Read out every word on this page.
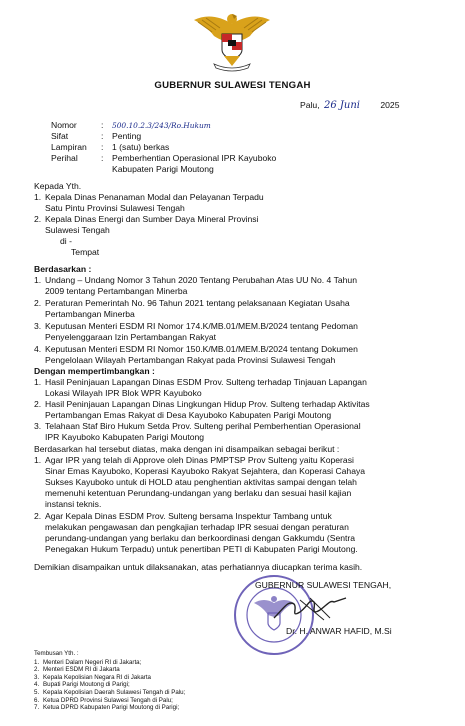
GUBERNUR SULAWESI TENGAH
Palu, 26 Juni 2025
Nomor	: 500.10.2.3/243/Ro.Hukum
Sifat	: Penting
Lampiran : 1 (satu) berkas
Perihal	: Pemberhentian Operasional IPR Kayuboko
Kabupaten Parigi Moutong
Kepada Yth.
1. Kepala Dinas Penanaman Modal dan Pelayanan Terpadu
Satu Pintu Provinsi Sulawesi Tengah
2. Kepala Dinas Energi dan Sumber Daya Mineral Provinsi
Sulawesi Tengah
di -
Tempat
Berdasarkan :
1. Undang – Undang Nomor 3 Tahun 2020 Tentang Perubahan Atas UU No. 4 Tahun
2009 tentang Pertambangan Minerba
2. Peraturan Pemerintah No. 96 Tahun 2021 tentang pelaksanaan Kegiatan Usaha
Pertambangan Minerba
3. Keputusan Menteri ESDM RI Nomor 174.K/MB.01/MEM.B/2024 tentang Pedoman
Penyelenggaraan Izin Pertambangan Rakyat
4. Keputusan Menteri ESDM RI Nomor 150.K/MB.01/MEM.B/2024 tentang Dokumen
Pengelolaan Wilayah Pertambangan Rakyat pada Provinsi Sulawesi Tengah
Dengan mempertimbangkan :
1. Hasil Peninjauan Lapangan Dinas ESDM Prov. Sulteng terhadap Tinjauan Lapangan
Lokasi Wilayah IPR Blok WPR Kayuboko
2. Hasil Peninjauan Lapangan Dinas Lingkungan Hidup Prov. Sulteng terhadap Aktivitas
Pertambangan Emas Rakyat di Desa Kayuboko Kabupaten Parigi Moutong
3. Telahaan Staf Biro Hukum Setda Prov. Sulteng perihal Pemberhentian Operasional
IPR Kayuboko Kabupaten Parigi Moutong
Berdasarkan hal tersebut diatas, maka dengan ini disampaikan sebagai berikut :
1. Agar IPR yang telah di Approve oleh Dinas PMPTSP Prov Sulteng yaitu Koperasi
Sinar Emas Kayuboko, Koperasi Kayuboko Rakyat Sejahtera, dan Koperasi Cahaya
Sukses Kayuboko untuk di HOLD atau penghentian aktivitas sampai dengan telah
memenuhi ketentuan Perundang-undangan yang berlaku dan sesuai hasil kajian
instansi teknis.
2. Agar Kepala Dinas ESDM Prov. Sulteng bersama Inspektur Tambang untuk
melakukan pengawasan dan pengkajian terhadap IPR sesuai dengan peraturan
perundang-undangan yang berlaku dan berkoordinasi dengan Gakkumdu (Sentra
Penegakan Hukum Terpadu) untuk penertiban PETI di Kabupaten Parigi Moutong.
Demikian disampaikan untuk dilaksanakan, atas perhatiannya diucapkan terima kasih.
GUBERNUR SULAWESI TENGAH,
Dr. H. ANWAR HAFID, M.Si
Tembusan Yth. :
1. Menteri Dalam Negeri RI di Jakarta;
2. Menteri ESDM RI di Jakarta
3. Kepala Kepolisian Negara RI di Jakarta
4. Bupati Parigi Moutong di Parigi;
5. Kepala Kepolisian Daerah Sulawesi Tengah di Palu;
6. Ketua DPRD Provinsi Sulawesi Tengah di Palu;
7. Ketua DPRD Kabupaten Parigi Moutong di Parigi;
